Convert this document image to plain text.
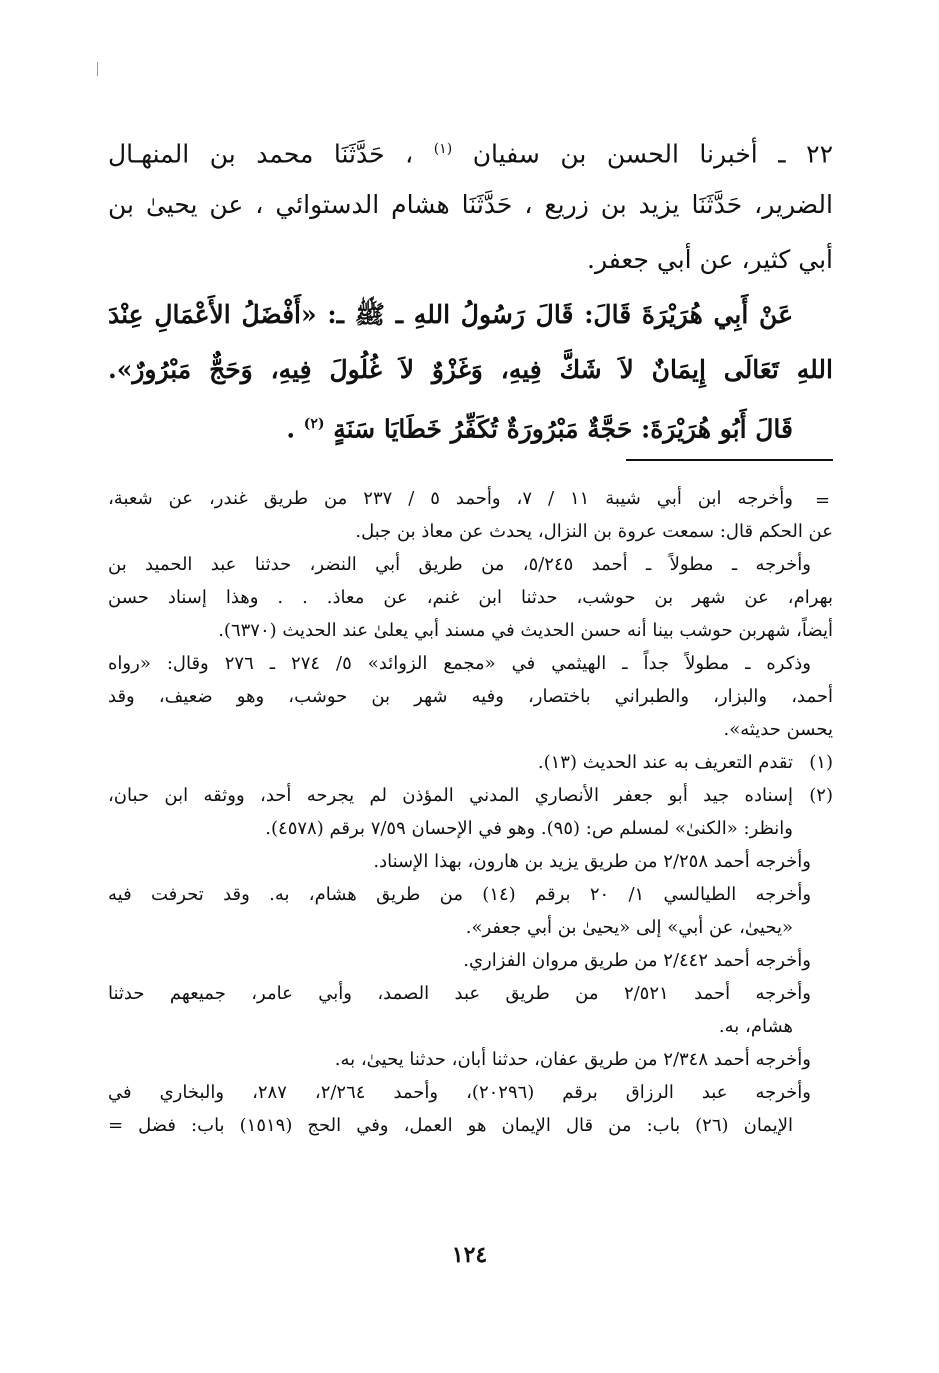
٢٢ ـ أخبرنا الحسن بن سفيان $^{(١)}$ ، حَدَّثَنَا محمد بن المنهـال
الضرير، حَدَّثَنَا يزيد بن زريع ، حَدَّثَنَا هشام الدستوائي ، عن يحيىٰ بن
أبي كثير، عن أبي جعفر.
عَنْ أَبِي هُرَيْرَةَ قَالَ: قَالَ رَسُولُ اللهِ ـ ﷺ ـ: «أَفْضَلُ الأَعْمَالِ عِنْدَ
اللهِ تَعَالَى إِيمَانٌ لاَ شَكَّ فِيهِ، وَغَزْوٌ لاَ غُلُولَ فِيهِ، وَحَجٌّ مَبْرُورٌ».
قَالَ أَبُو هُرَيْرَةَ: حَجَّةٌ مَبْرُورَةٌ تُكَفِّرُ خَطَايَا سَنَةٍ $^{(٢)}$ .
=
وأخرجه ابن أبي شيبة ١١ / ٧، وأحمد ٥ / ٢٣٧ من طريق غندر، عن شعبة،
عن الحكم قال: سمعت عروة بن النزال، يحدث عن معاذ بن جبل.
وأخرجه ـ مطولاً ـ أحمد ٥/٢٤٥، من طريق أبي النضر، حدثنا عبد الحميد بن
بهرام، عن شهر بن حوشب، حدثنا ابن غنم، عن معاذ. . . وهذا إسناد حسن
أيضاً، شهربن حوشب بينا أنه حسن الحديث في مسند أبي يعلىٰ عند الحديث (٦٣٧٠).
وذكره ـ مطولاً جداً ـ الهيثمي في «مجمع الزوائد» ٥/ ٢٧٤ ـ ٢٧٦ وقال: «رواه
أحمد، والبزار، والطبراني باختصار، وفيه شهر بن حوشب، وهو ضعيف، وقد
يحسن حديثه».
(١)تقدم التعريف به عند الحديث (١٣).
(٢)إسناده جيد أبو جعفر الأنصاري المدني المؤذن لم يجرحه أحد، ووثقه ابن حبان،
وانظر: «الكنىٰ» لمسلم ص: (٩٥). وهو في الإحسان ٧/٥٩ برقم (٤٥٧٨).
وأخرجه أحمد ٢/٢٥٨ من طريق يزيد بن هارون، بهذا الإسناد.
وأخرجه الطيالسي ١/ ٢٠ برقم (١٤) من طريق هشام، به. وقد تحرفت فيه
«يحيىٰ، عن أبي» إلى «يحيىٰ بن أبي جعفر».
وأخرجه أحمد ٢/٤٤٢ من طريق مروان الفزاري.
وأخرجه أحمد ٢/٥٢١ من طريق عبد الصمد، وأبي عامر، جميعهم حدثنا
هشام، به.
وأخرجه أحمد ٢/٣٤٨ من طريق عفان، حدثنا أبان، حدثنا يحيىٰ، به.
وأخرجه عبد الرزاق برقم (٢٠٢٩٦)، وأحمد ٢/٢٦٤، ٢٨٧، والبخاري في
الإيمان (٢٦) باب: من قال الإيمان هو العمل، وفي الحج (١٥١٩) باب: فضل =
١٢٤
